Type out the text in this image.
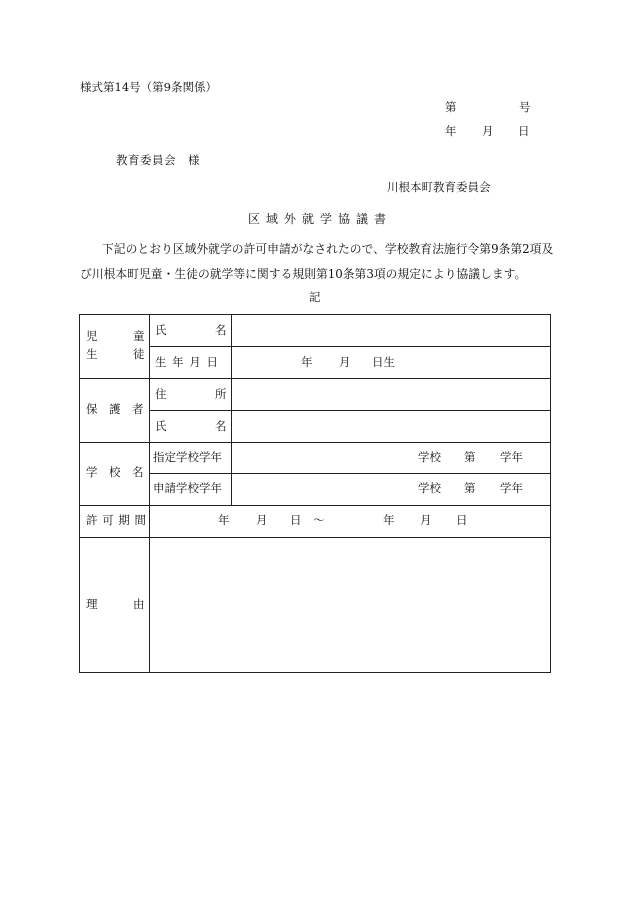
様式第14号（第9条関係）
第	号
年 月 日
教育委員会　様
川根本町教育委員会
区域外就学協議書
下記のとおり区域外就学の許可申請がなされたので、学校教育法施行令第9条第2項及
び川根本町児童・生徒の就学等に関する規則第10条第3項の規定により協議します。
記
児	童
生	徒
氏	名
生 年 月 日	年 月 日生
保　護　者
住	所
氏	名
学　校　名
指定学校学年	学校 第 学年
申請学校学年	学校 第 学年
許 可 期 間	年 月 日 ～	年 月 日
理	由
